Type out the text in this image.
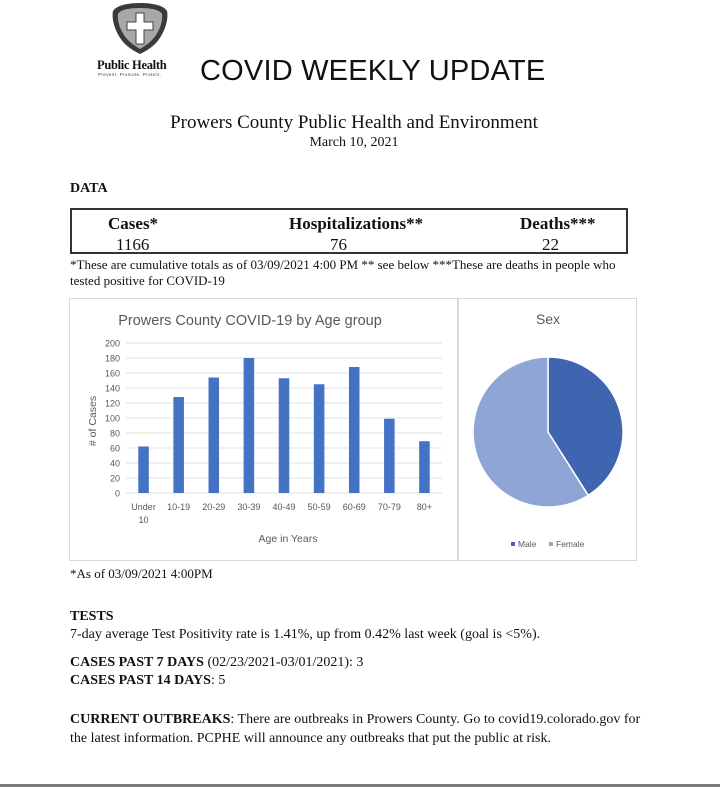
Public Health
Prevent. Promote. Protect. COVID WEEKLY UPDATE
Prowers County Public Health and Environment
March 10, 2021
DATA
Cases*
1166
Hospitalizations**
76
Deaths***
22
*These are cumulative totals as of 03/09/2021 4:00 PM ** see below ***These are deaths in people who tested positive for COVID-19
Prowers County COVID-19 by Age group
# of Cases
Age in Years
0
20
40
60
80
100
120
140
160
180
200
Under
10
10-19 20-29 30-39 40-49 50-59 60-69 70-79 80+
Sex
Male Female
*As of 03/09/2021 4:00PM
TESTS
7-day average Test Positivity rate is 1.41%, up from 0.42% last week (goal is <5%).
CASES PAST 7 DAYS (02/23/2021-03/01/2021): 3
CASES PAST 14 DAYS: 5
CURRENT OUTBREAKS: There are outbreaks in Prowers County. Go to covid19.colorado.gov for the latest information. PCPHE will announce any outbreaks that put the public at risk.
